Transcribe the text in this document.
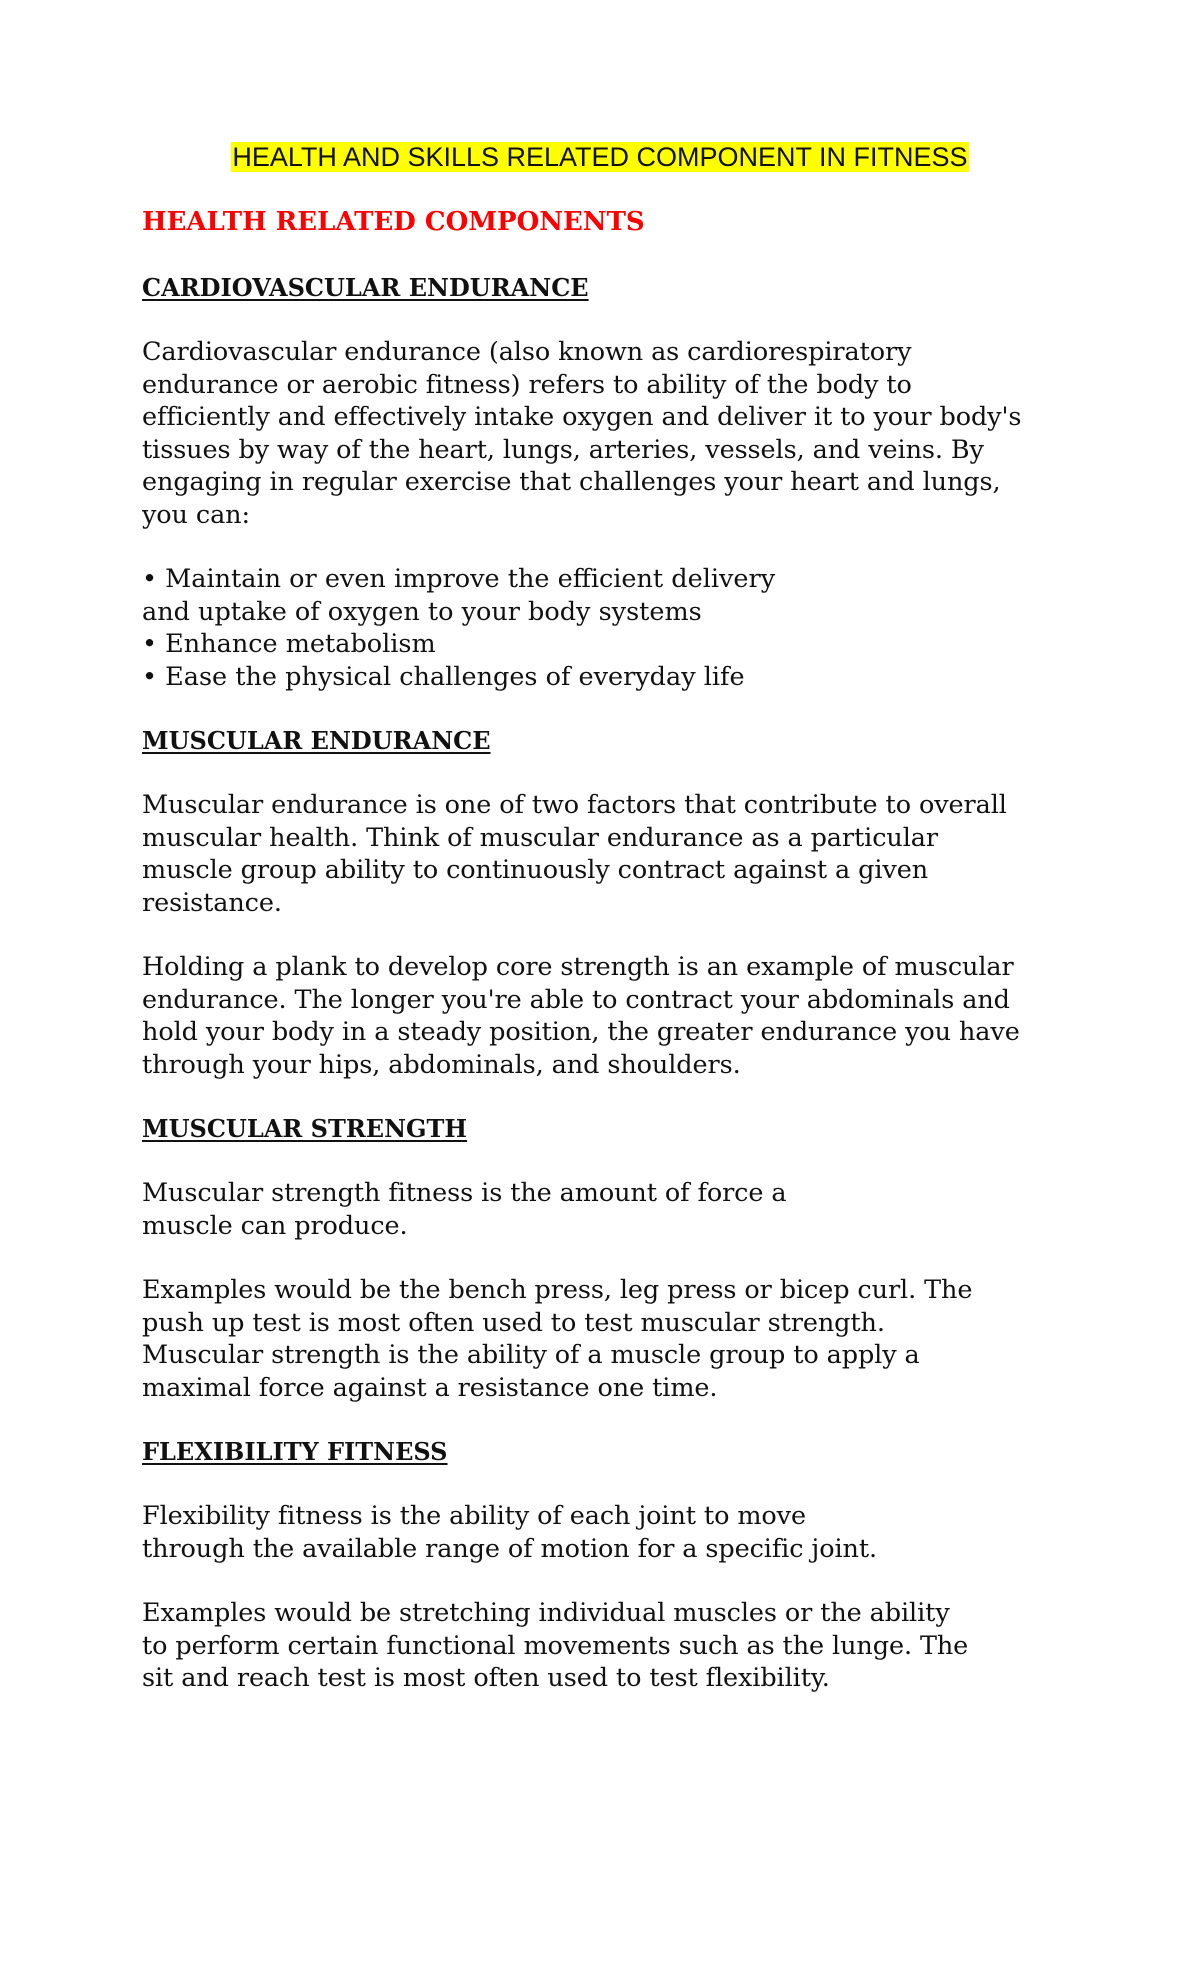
HEALTH AND SKILLS RELATED COMPONENT IN FITNESS
HEALTH RELATED COMPONENTS
CARDIOVASCULAR ENDURANCE
Cardiovascular endurance (also known as cardiorespiratory
endurance or aerobic fitness) refers to ability of the body to
efficiently and effectively intake oxygen and deliver it to your body's
tissues by way of the heart, lungs, arteries, vessels, and veins. By
engaging in regular exercise that challenges your heart and lungs,
you can:
• Maintain or even improve the efficient delivery
and uptake of oxygen to your body systems
• Enhance metabolism
• Ease the physical challenges of everyday life
MUSCULAR ENDURANCE
Muscular endurance is one of two factors that contribute to overall
muscular health. Think of muscular endurance as a particular
muscle group ability to continuously contract against a given
resistance.
Holding a plank to develop core strength is an example of muscular
endurance. The longer you're able to contract your abdominals and
hold your body in a steady position, the greater endurance you have
through your hips, abdominals, and shoulders.
MUSCULAR STRENGTH
Muscular strength fitness is the amount of force a
muscle can produce.
Examples would be the bench press, leg press or bicep curl. The
push up test is most often used to test muscular strength.
Muscular strength is the ability of a muscle group to apply a
maximal force against a resistance one time.
FLEXIBILITY FITNESS
Flexibility fitness is the ability of each joint to move
through the available range of motion for a specific joint.
Examples would be stretching individual muscles or the ability
to perform certain functional movements such as the lunge. The
sit and reach test is most often used to test flexibility.
